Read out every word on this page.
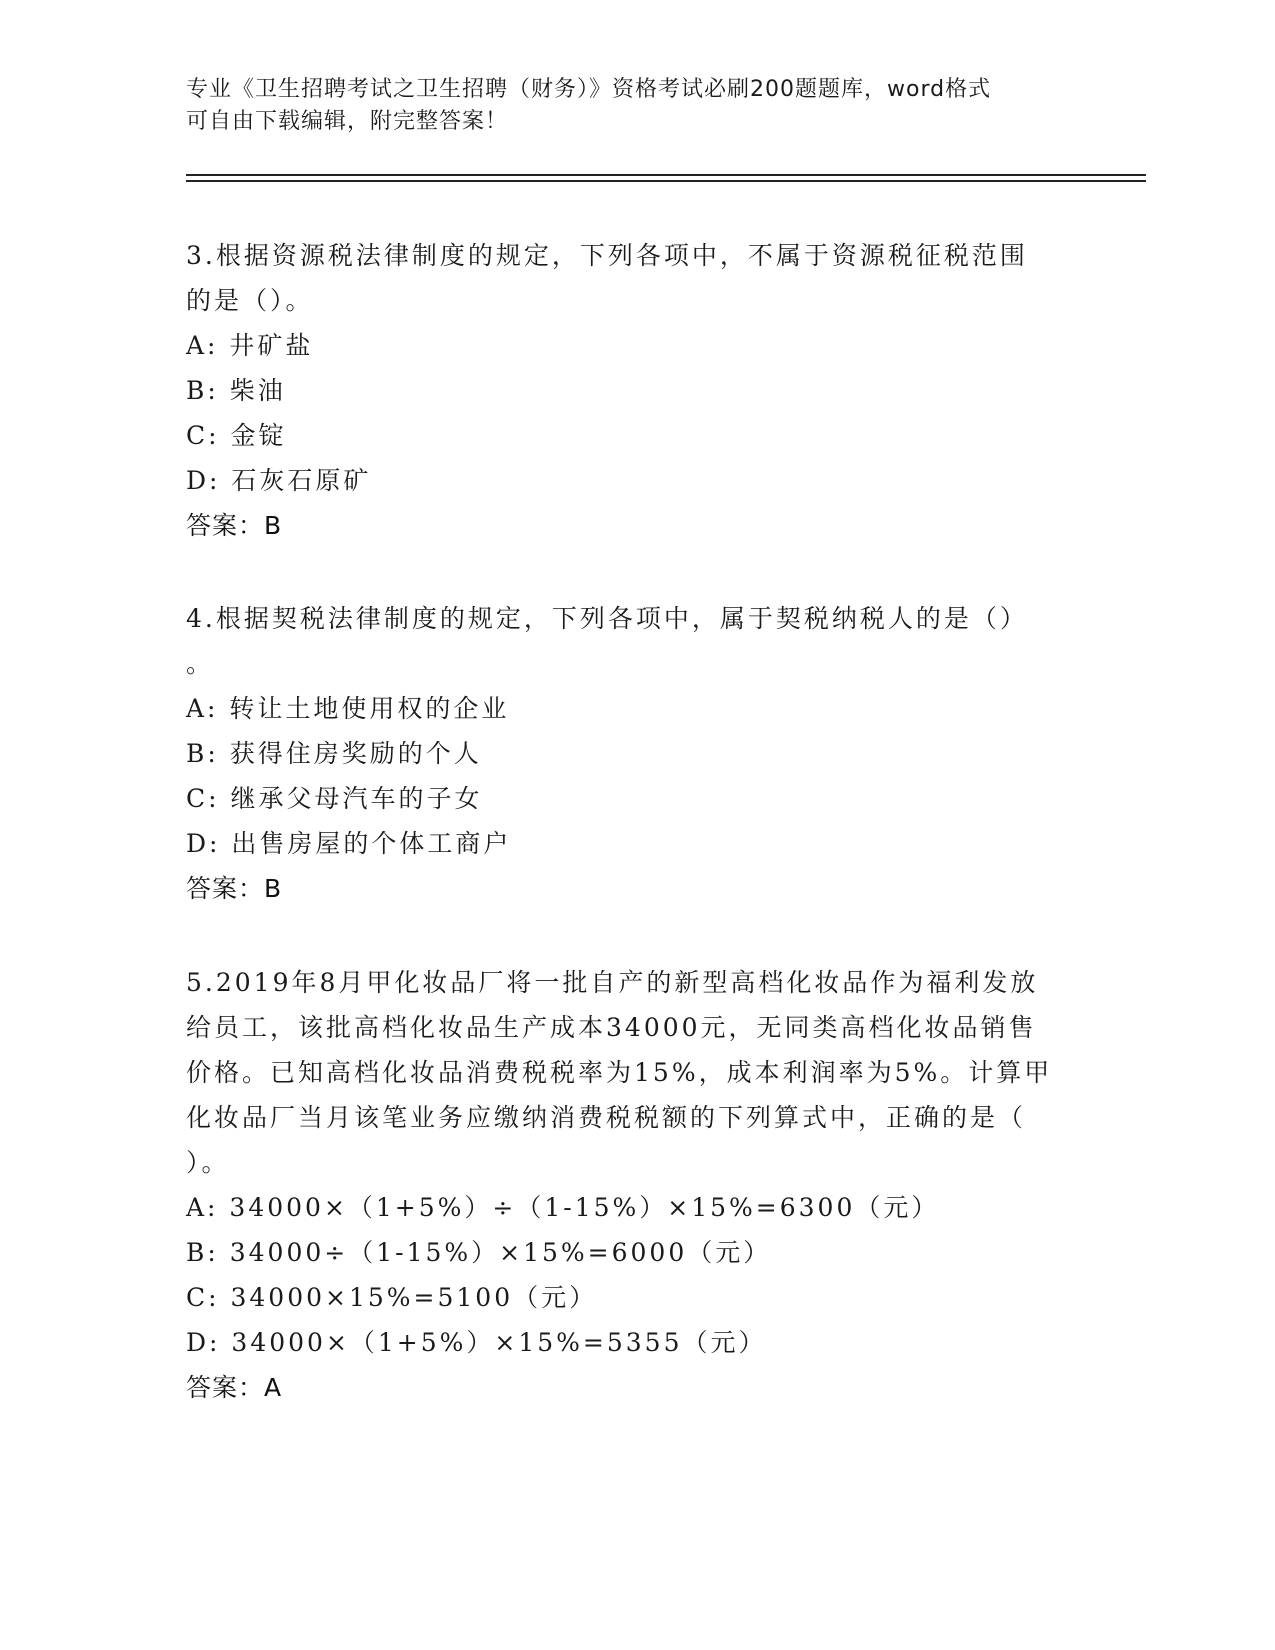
专业《卫生招聘考试之卫生招聘（财务）》资格考试必刷200题题库，word格式
可自由下载编辑，附完整答案！

3.根据资源税法律制度的规定，下列各项中，不属于资源税征税范围

的是（）。

A: 井矿盐

B: 柴油

C: 金锭

D: 石灰石原矿

答案：B

4.根据契税法律制度的规定，下列各项中，属于契税纳税人的是（）

。

A: 转让土地使用权的企业

B: 获得住房奖励的个人

C: 继承父母汽车的子女

D: 出售房屋的个体工商户

答案：B

5.2019年8月甲化妆品厂将一批自产的新型高档化妆品作为福利发放

给员工，该批高档化妆品生产成本34000元，无同类高档化妆品销售

价格。已知高档化妆品消费税税率为15%，成本利润率为5%。计算甲

化妆品厂当月该笔业务应缴纳消费税税额的下列算式中，正确的是（

）。

A: 34000×（1+5%）÷（1-15%）×15%=6300（元）

B: 34000÷（1-15%）×15%=6000（元）

C: 34000×15%=5100（元）

D: 34000×（1+5%）×15%=5355（元）

答案：A
